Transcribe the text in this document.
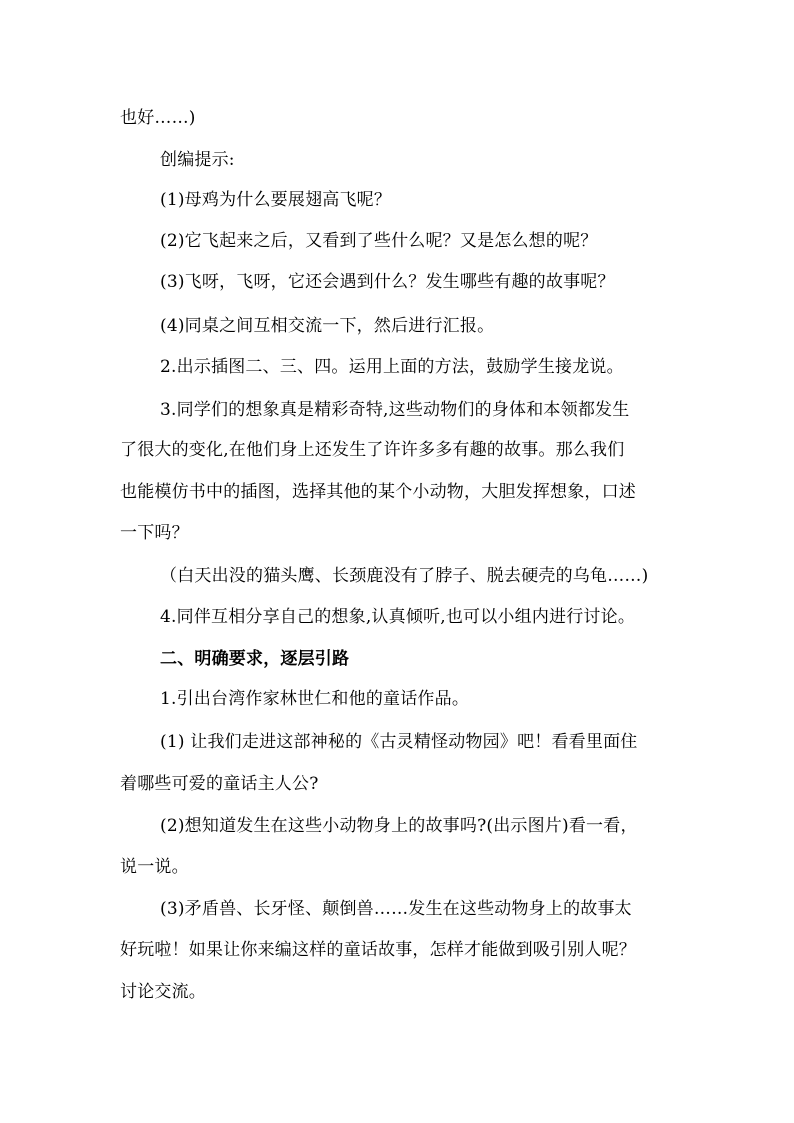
也好……)
创编提示:
(1)母鸡为什么要展翅高飞呢？
(2)它飞起来之后，又看到了些什么呢？又是怎么想的呢？
(3)飞呀，飞呀，它还会遇到什么？发生哪些有趣的故事呢？
(4)同桌之间互相交流一下，然后进行汇报。
2.出示插图二、三、四。运用上面的方法，鼓励学生接龙说。
3.同学们的想象真是精彩奇特,这些动物们的身体和本领都发生
了很大的变化,在他们身上还发生了许许多多有趣的故事。那么我们
也能模仿书中的插图，选择其他的某个小动物，大胆发挥想象，口述
一下吗？
（白天出没的猫头鹰、长颈鹿没有了脖子、脱去硬壳的乌龟……)
4.同伴互相分享自己的想象,认真倾听,也可以小组内进行讨论。
二、明确要求，逐层引路
1.引出台湾作家林世仁和他的童话作品。
(1) 让我们走进这部神秘的《古灵精怪动物园》吧！看看里面住
着哪些可爱的童话主人公?
(2)想知道发生在这些小动物身上的故事吗?(出示图片)看一看，
说一说。
(3)矛盾兽、长牙怪、颠倒兽……发生在这些动物身上的故事太
好玩啦！如果让你来编这样的童话故事，怎样才能做到吸引别人呢？
讨论交流。
